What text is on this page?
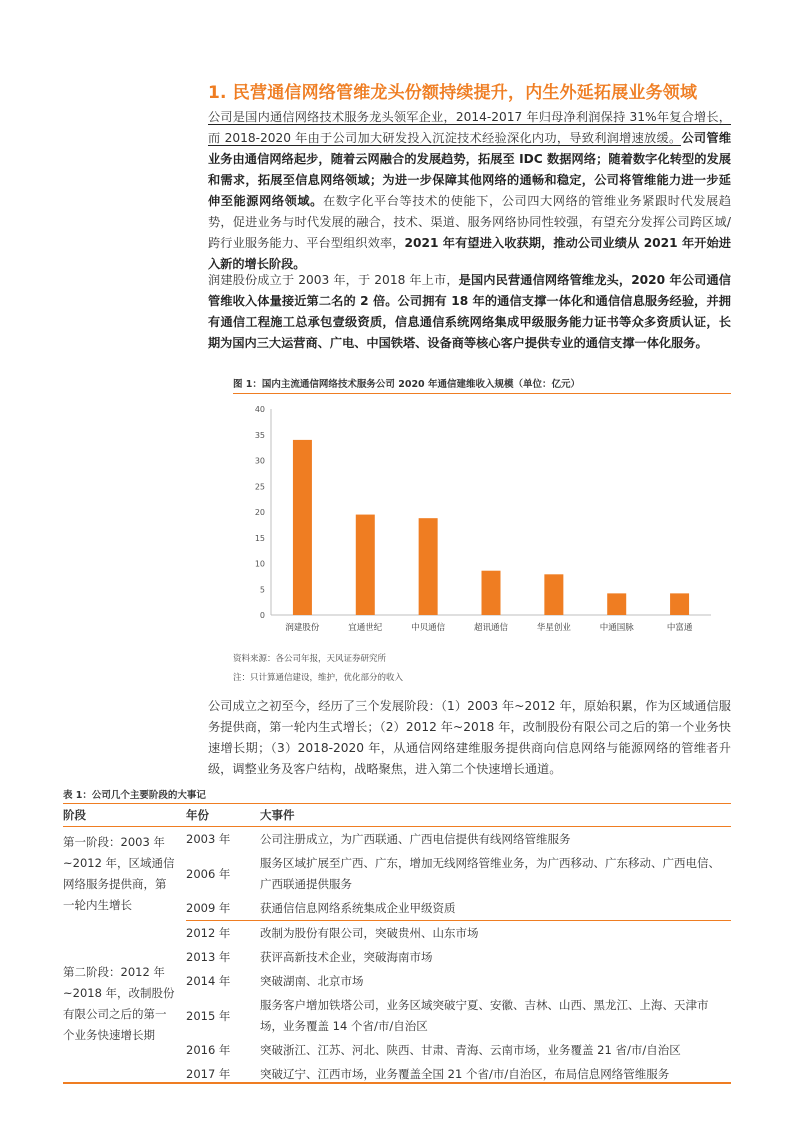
1. 民营通信网络管维龙头份额持续提升，内生外延拓展业务领域
公司是国内通信网络技术服务龙头领军企业，2014-2017 年归母净利润保持 31%年复合增长，而 2018-2020 年由于公司加大研发投入沉淀技术经验深化内功，导致利润增速放缓。公司管维业务由通信网络起步，随着云网融合的发展趋势，拓展至 IDC 数据网络；随着数字化转型的发展和需求，拓展至信息网络领域；为进一步保障其他网络的通畅和稳定，公司将管维能力进一步延伸至能源网络领域。在数字化平台等技术的使能下，公司四大网络的管维业务紧跟时代发展趋势，促进业务与时代发展的融合，技术、渠道、服务网络协同性较强，有望充分发挥公司跨区域/跨行业服务能力、平台型组织效率，2021 年有望进入收获期，推动公司业绩从 2021 年开始进入新的增长阶段。
润建股份成立于 2003 年，于 2018 年上市，是国内民营通信网络管维龙头，2020 年公司通信管维收入体量接近第二名的 2 倍。公司拥有 18 年的通信支撑一体化和通信信息服务经验，并拥有通信工程施工总承包壹级资质，信息通信系统网络集成甲级服务能力证书等众多资质认证，长期为国内三大运营商、广电、中国铁塔、设备商等核心客户提供专业的通信支撑一体化服务。
图 1：国内主流通信网络技术服务公司 2020 年通信建维收入规模（单位：亿元）
0
5
10
15
20
25
30
35
40
润建股份	宜通世纪	中贝通信	超讯通信	华星创业	中通国脉	中富通
资料来源：各公司年报，天风证券研究所
注：只计算通信建设，维护，优化部分的收入
公司成立之初至今，经历了三个发展阶段：（1）2003 年~2012 年，原始积累，作为区域通信服务提供商，第一轮内生式增长；（2）2012 年~2018 年，改制股份有限公司之后的第一个业务快速增长期；（3）2018-2020 年，从通信网络建维服务提供商向信息网络与能源网络的管维者升级，调整业务及客户结构，战略聚焦，进入第二个快速增长通道。
表 1：公司几个主要阶段的大事记
阶段	年份	大事件
第一阶段：2003 年~2012 年，区域通信网络服务提供商，第一轮内生增长	2003 年	公司注册成立，为广西联通、广西电信提供有线网络管维服务
	2006 年	服务区域扩展至广西、广东，增加无线网络管维业务，为广西移动、广东移动、广西电信、广西联通提供服务
	2009 年	获通信信息网络系统集成企业甲级资质
第二阶段：2012 年~2018 年，改制股份有限公司之后的第一个业务快速增长期	2012 年	改制为股份有限公司，突破贵州、山东市场
	2013 年	获评高新技术企业，突破海南市场
	2014 年	突破湖南、北京市场
	2015 年	服务客户增加铁塔公司，业务区域突破宁夏、安徽、吉林、山西、黑龙江、上海、天津市场，业务覆盖 14 个省/市/自治区
	2016 年	突破浙江、江苏、河北、陕西、甘肃、青海、云南市场，业务覆盖 21 省/市/自治区
	2017 年	突破辽宁、江西市场，业务覆盖全国 21 个省/市/自治区，布局信息网络管维服务
